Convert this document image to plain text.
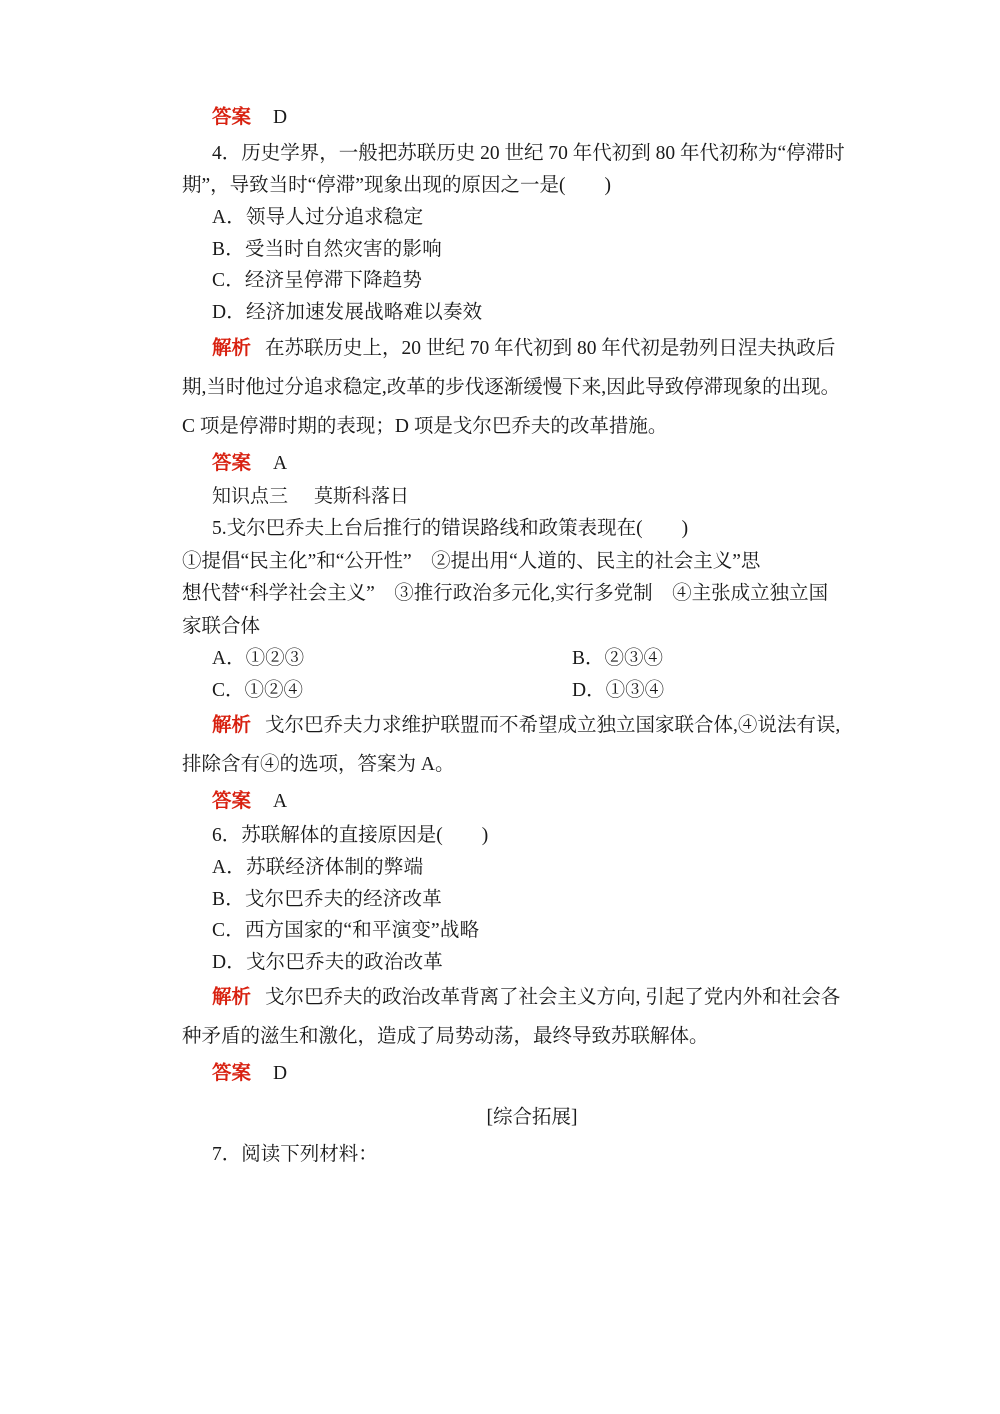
答案 D
4．历史学界，一般把苏联历史 20 世纪 70 年代初到 80 年代初称为“停滞时
期”，导致当时“停滞”现象出现的原因之一是(　　)
A．领导人过分追求稳定
B．受当时自然灾害的影响
C．经济呈停滞下降趋势
D．经济加速发展战略难以奏效
解析 在苏联历史上，20 世纪 70 年代初到 80 年代初是勃列日涅夫执政后
期,当时他过分追求稳定,改革的步伐逐渐缓慢下来,因此导致停滞现象的出现。
C 项是停滞时期的表现；D 项是戈尔巴乔夫的改革措施。
答案 A
知识点三 莫斯科落日
5.戈尔巴乔夫上台后推行的错误路线和政策表现在(　　)
①提倡“民主化”和“公开性”　②提出用“人道的、民主的社会主义”思
想代替“科学社会主义”　③推行政治多元化,实行多党制　④主张成立独立国
家联合体
A．①②③	B．②③④
C．①②④	D．①③④
解析 戈尔巴乔夫力求维护联盟而不希望成立独立国家联合体,④说法有误,
排除含有④的选项，答案为 A。
答案 A
6．苏联解体的直接原因是(　　)
A．苏联经济体制的弊端
B．戈尔巴乔夫的经济改革
C．西方国家的“和平演变”战略
D．戈尔巴乔夫的政治改革
解析 戈尔巴乔夫的政治改革背离了社会主义方向, 引起了党内外和社会各
种矛盾的滋生和激化，造成了局势动荡，最终导致苏联解体。
答案 D
[综合拓展]
7．阅读下列材料：
